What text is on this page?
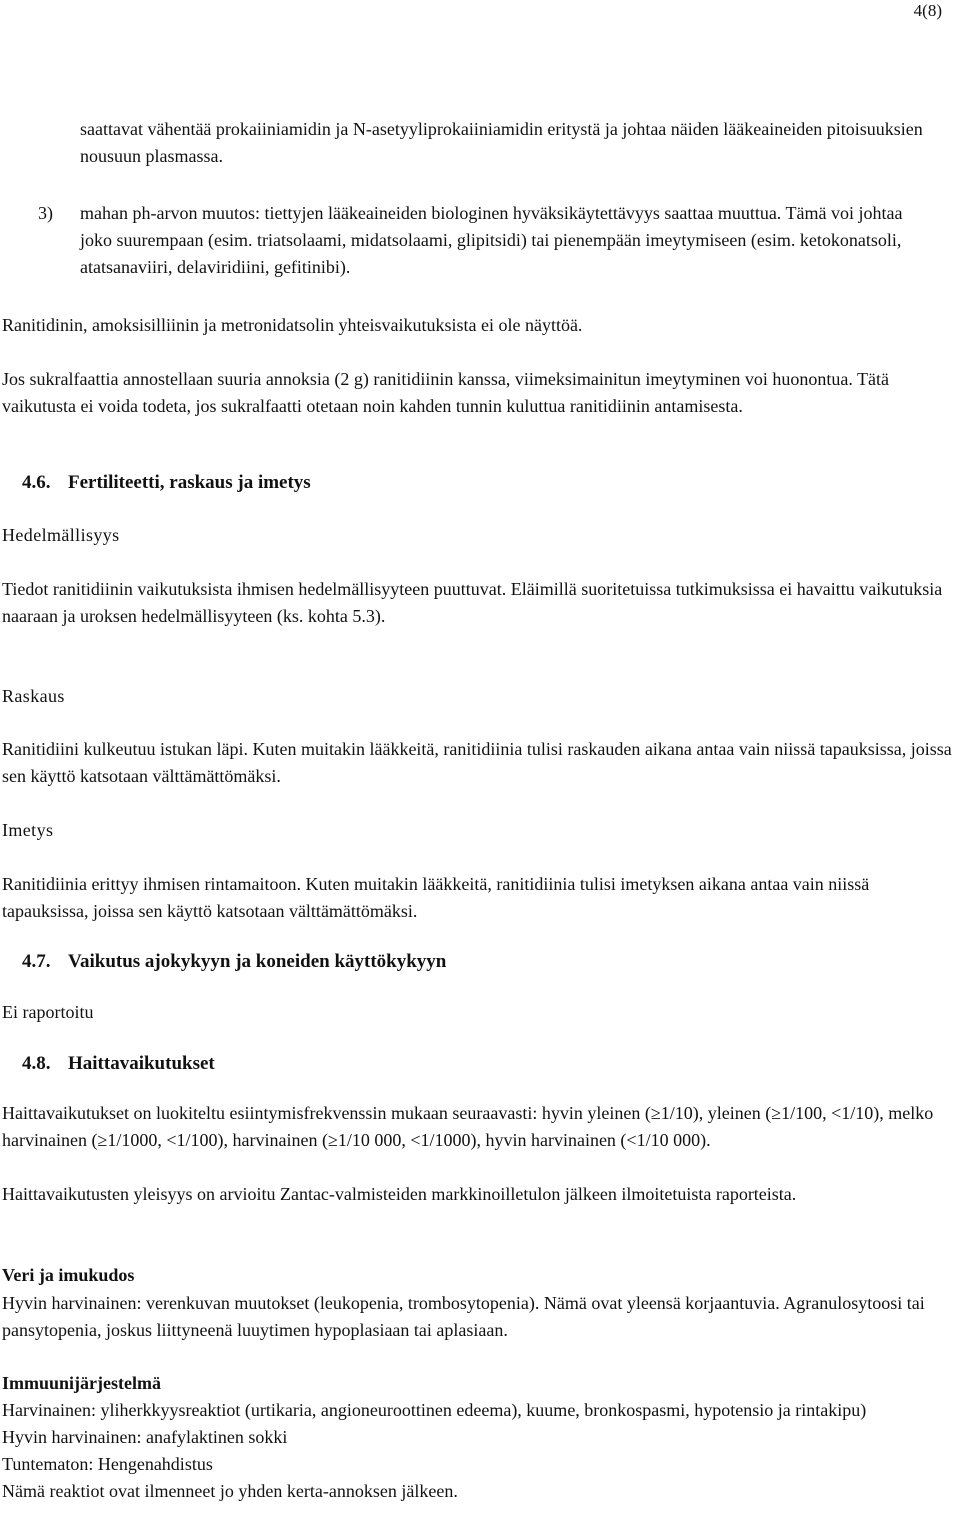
4(8)

saattavat vähentää prokaiiniamidin ja N-asetyyliprokaiiniamidin eritystä ja johtaa näiden lääkeaineiden pitoisuuksien nousuun plasmassa.

3) mahan ph-arvon muutos: tiettyjen lääkeaineiden biologinen hyväksikäytettävyys saattaa muuttua. Tämä voi johtaa joko suurempaan (esim. triatsolaami, midatsolaami, glipitsidi) tai pienempään imeytymiseen (esim. ketokonatsoli, atatsanaviiri, delaviridiini, gefitinibi).

Ranitidinin, amoksisilliinin ja metronidatsolin yhteisvaikutuksista ei ole näyttöä.

Jos sukralfaattia annostellaan suuria annoksia (2 g) ranitidiinin kanssa, viimeksimainitun imeytyminen voi huonontua. Tätä vaikutusta ei voida todeta, jos sukralfaatti otetaan noin kahden tunnin kuluttua ranitidiinin antamisesta.

4.6. Fertiliteetti, raskaus ja imetys
Hedelmällisyys

Tiedot ranitidiinin vaikutuksista ihmisen hedelmällisyyteen puuttuvat. Eläimillä suoritetuissa tutkimuksissa ei havaittu vaikutuksia naaraan ja uroksen hedelmällisyyteen (ks. kohta 5.3).

Raskaus

Ranitidiini kulkeutuu istukan läpi. Kuten muitakin lääkkeitä, ranitidiinia tulisi raskauden aikana antaa vain niissä tapauksissa, joissa sen käyttö katsotaan välttämättömäksi.

Imetys

Ranitidiinia erittyy ihmisen rintamaitoon. Kuten muitakin lääkkeitä, ranitidiinia tulisi imetyksen aikana antaa vain niissä tapauksissa, joissa sen käyttö katsotaan välttämättömäksi.

4.7. Vaikutus ajokykyyn ja koneiden käyttökykyyn

Ei raportoitu

4.8. Haittavaikutukset

Haittavaikutukset on luokiteltu esiintymisfrekvenssin mukaan seuraavasti: hyvin yleinen (≥1/10), yleinen (≥1/100, <1/10), melko harvinainen (≥1/1000, <1/100), harvinainen (≥1/10 000, <1/1000), hyvin harvinainen (<1/10 000).

Haittavaikutusten yleisyys on arvioitu Zantac-valmisteiden markkinoilletulon jälkeen ilmoitetuista raporteista.

Veri ja imukudos

Hyvin harvinainen: verenkuvan muutokset (leukopenia, trombosytopenia). Nämä ovat yleensä korjaantuvia. Agranulosytoosi tai pansytopenia, joskus liittyneenä luuytimen hypoplasiaan tai aplasiaan.

Immuunijärjestelmä

Harvinainen: yliherkkyysreaktiot (urtikaria, angioneuroottinen edeema), kuume, bronkospasmi, hypotensio ja rintakipu)

Hyvin harvinainen: anafylaktinen sokki

Tuntematon: Hengenahdistus

Nämä reaktiot ovat ilmenneet jo yhden kerta-annoksen jälkeen.
